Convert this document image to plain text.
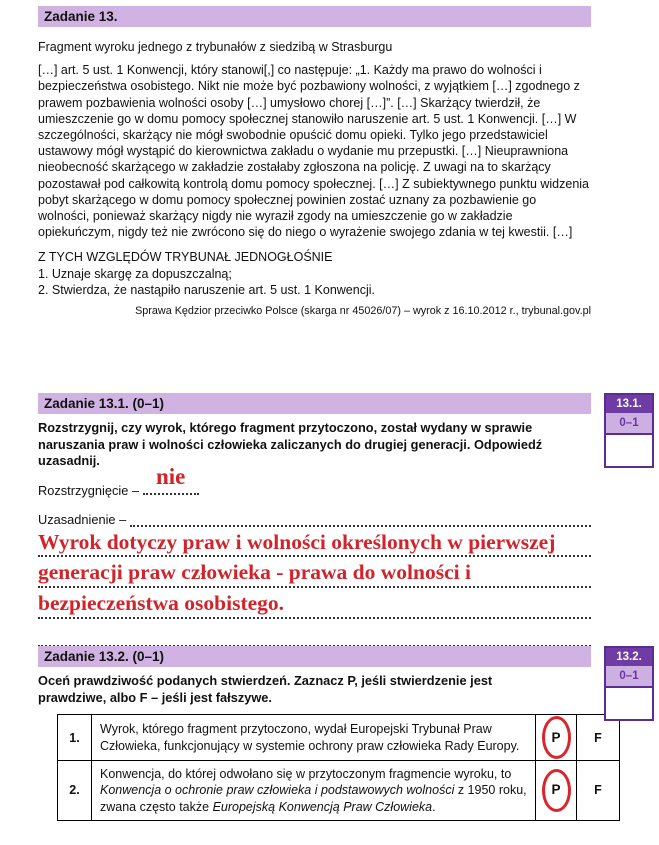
Zadanie 13.

Fragment wyroku jednego z trybunałów z siedzibą w Strasburgu

[…] art. 5 ust. 1 Konwencji, który stanowi[,] co następuje: „1. Każdy ma prawo do wolności i bezpieczeństwa osobistego. Nikt nie może być pozbawiony wolności, z wyjątkiem […] zgodnego z prawem pozbawienia wolności osoby […] umysłowo chorej […]”. […] Skarżący twierdził, że umieszczenie go w domu pomocy społecznej stanowiło naruszenie art. 5 ust. 1 Konwencji. […] W szczególności, skarżący nie mógł swobodnie opuścić domu opieki. Tylko jego przedstawiciel ustawowy mógł wystąpić do kierownictwa zakładu o wydanie mu przepustki. […] Nieuprawniona nieobecność skarżącego w zakładzie zostałaby zgłoszona na policję. Z uwagi na to skarżący pozostawał pod całkowitą kontrolą domu pomocy społecznej. […] Z subiektywnego punktu widzenia pobyt skarżącego w domu pomocy społecznej powinien zostać uznany za pozbawienie go wolności, ponieważ skarżący nigdy nie wyraził zgody na umieszczenie go w zakładzie opiekuńczym, nigdy też nie zwrócono się do niego o wyrażenie swojego zdania w tej kwestii. […]

Z TYCH WZGLĘDÓW TRYBUNAŁ JEDNOGŁOŚNIE

1. Uznaje skargę za dopuszczalną;

2. Stwierdza, że nastąpiło naruszenie art. 5 ust. 1 Konwencji.

Sprawa Kędzior przeciwko Polsce (skarga nr 45026/07) – wyrok z 16.10.2012 r., trybunal.gov.pl

Zadanie 13.1. (0–1)

Rozstrzygnij, czy wyrok, którego fragment przytoczono, został wydany w sprawie naruszania praw i wolności człowieka zaliczanych do drugiej generacji. Odpowiedź uzasadnij.

Rozstrzygnięcie –
nie
Uzasadnienie –
Wyrok dotyczy praw i wolności określonych w pierwszej
generacji praw człowieka - prawa do wolności i
bezpieczeństwa osobistego.
13.1.
0–1
Zadanie 13.2. (0–1)

Oceń prawdziwość podanych stwierdzeń. Zaznacz P, jeśli stwierdzenie jest prawdziwe, albo F – jeśli jest fałszywe.

1.	Wyrok, którego fragment przytoczono, wydał Europejski Trybunał Praw Człowieka, funkcjonujący w systemie ochrony praw człowieka Rady Europy.	P	F
2.	Konwencja, do której odwołano się w przytoczonym fragmencie wyroku, to Konwencja o ochronie praw człowieka i podstawowych wolności z 1950 roku, zwana często także Europejską Konwencją Praw Człowieka.	P	F
13.2.
0–1
